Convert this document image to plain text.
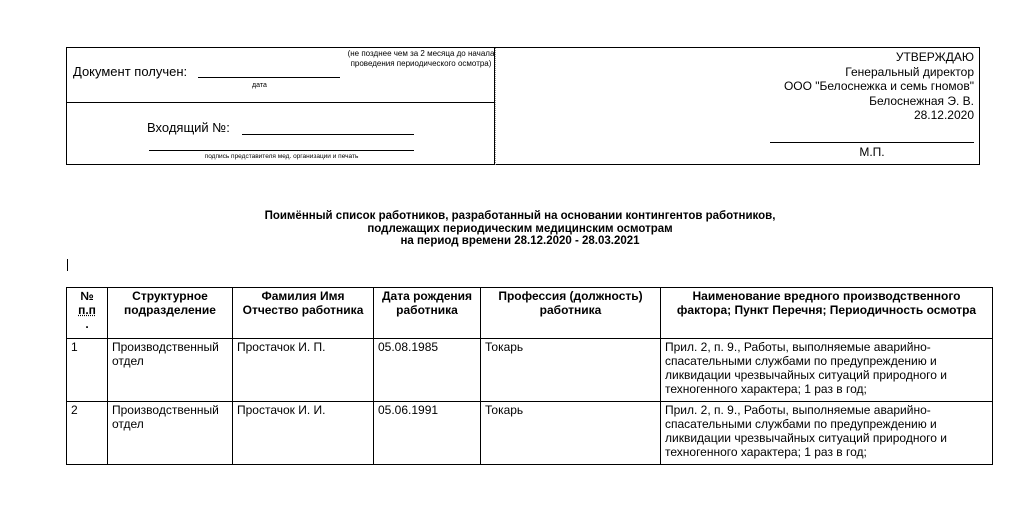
Документ получен:
дата
(не позднее чем за 2 месяца до начала проведения периодического осмотра)
Входящий №:
подпись представителя мед. организации и печать
УТВЕРЖДАЮ
Генеральный директор
ООО "Белоснежка и семь гномов"
Белоснежная Э. В.
28.12.2020
М.П.
Поимённый список работников, разработанный на основании контингентов работников,
подлежащих периодическим медицинским осмотрам
на период времени 28.12.2020 - 28.03.2021
№
п.п
.	Структурное подразделение	Фамилия Имя Отчество работника	Дата рождения работника	Профессия (должность) работника	Наименование вредного производственного фактора; Пункт Перечня; Периодичность осмотра
1	Производственный отдел	Простачок И. П.	05.08.1985	Токарь	Прил. 2, п. 9., Работы, выполняемые аварийно-спасательными службами по предупреждению и ликвидации чрезвычайных ситуаций природного и техногенного характера; 1 раз в год;
2	Производственный отдел	Простачок И. И.	05.06.1991	Токарь	Прил. 2, п. 9., Работы, выполняемые аварийно-спасательными службами по предупреждению и ликвидации чрезвычайных ситуаций природного и техногенного характера; 1 раз в год;
